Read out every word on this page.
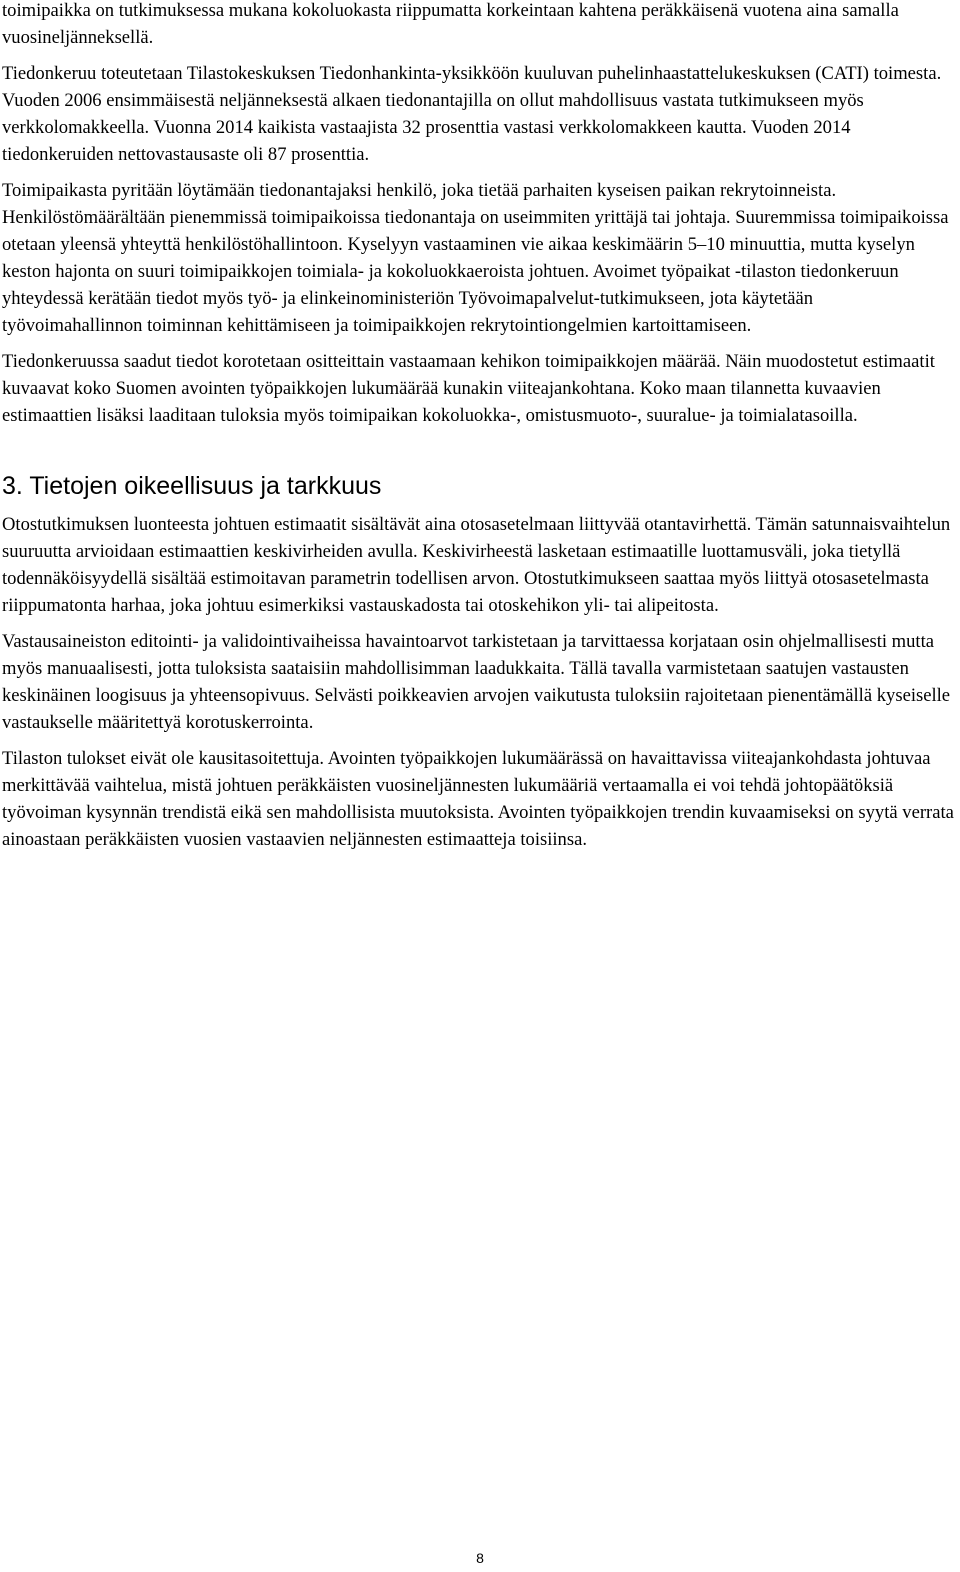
toimipaikka on tutkimuksessa mukana kokoluokasta riippumatta korkeintaan kahtena peräkkäisenä vuotena aina samalla vuosineljänneksellä.

Tiedonkeruu toteutetaan Tilastokeskuksen Tiedonhankinta-yksikköön kuuluvan puhelinhaastattelukeskuksen (CATI) toimesta. Vuoden 2006 ensimmäisestä neljänneksestä alkaen tiedonantajilla on ollut mahdollisuus vastata tutkimukseen myös verkkolomakkeella. Vuonna 2014 kaikista vastaajista 32 prosenttia vastasi verkkolomakkeen kautta. Vuoden 2014 tiedonkeruiden nettovastausaste oli 87 prosenttia.

Toimipaikasta pyritään löytämään tiedonantajaksi henkilö, joka tietää parhaiten kyseisen paikan rekrytoinneista. Henkilöstömäärältään pienemmissä toimipaikoissa tiedonantaja on useimmiten yrittäjä tai johtaja. Suuremmissa toimipaikoissa otetaan yleensä yhteyttä henkilöstöhallintoon. Kyselyyn vastaaminen vie aikaa keskimäärin 5–10 minuuttia, mutta kyselyn keston hajonta on suuri toimipaikkojen toimiala- ja kokoluokkaeroista johtuen. Avoimet työpaikat -tilaston tiedonkeruun yhteydessä kerätään tiedot myös työ- ja elinkeinoministeriön Työvoimapalvelut-tutkimukseen, jota käytetään työvoimahallinnon toiminnan kehittämiseen ja toimipaikkojen rekrytointiongelmien kartoittamiseen.

Tiedonkeruussa saadut tiedot korotetaan ositteittain vastaamaan kehikon toimipaikkojen määrää. Näin muodostetut estimaatit kuvaavat koko Suomen avointen työpaikkojen lukumäärää kunakin viiteajankohtana. Koko maan tilannetta kuvaavien estimaattien lisäksi laaditaan tuloksia myös toimipaikan kokoluokka-, omistusmuoto-, suuralue- ja toimialatasoilla.

3. Tietojen oikeellisuus ja tarkkuus

Otostutkimuksen luonteesta johtuen estimaatit sisältävät aina otosasetelmaan liittyvää otantavirhettä. Tämän satunnaisvaihtelun suuruutta arvioidaan estimaattien keskivirheiden avulla. Keskivirheestä lasketaan estimaatille luottamusväli, joka tietyllä todennäköisyydellä sisältää estimoitavan parametrin todellisen arvon. Otostutkimukseen saattaa myös liittyä otosasetelmasta riippumatonta harhaa, joka johtuu esimerkiksi vastauskadosta tai otoskehikon yli- tai alipeitosta.

Vastausaineiston editointi- ja validointivaiheissa havaintoarvot tarkistetaan ja tarvittaessa korjataan osin ohjelmallisesti mutta myös manuaalisesti, jotta tuloksista saataisiin mahdollisimman laadukkaita. Tällä tavalla varmistetaan saatujen vastausten keskinäinen loogisuus ja yhteensopivuus. Selvästi poikkeavien arvojen vaikutusta tuloksiin rajoitetaan pienentämällä kyseiselle vastaukselle määritettyä korotuskerrointa.

Tilaston tulokset eivät ole kausitasoitettuja. Avointen työpaikkojen lukumäärässä on havaittavissa viiteajankohdasta johtuvaa merkittävää vaihtelua, mistä johtuen peräkkäisten vuosineljännesten lukumääriä vertaamalla ei voi tehdä johtopäätöksiä työvoiman kysynnän trendistä eikä sen mahdollisista muutoksista. Avointen työpaikkojen trendin kuvaamiseksi on syytä verrata ainoastaan peräkkäisten vuosien vastaavien neljännesten estimaatteja toisiinsa.

8
